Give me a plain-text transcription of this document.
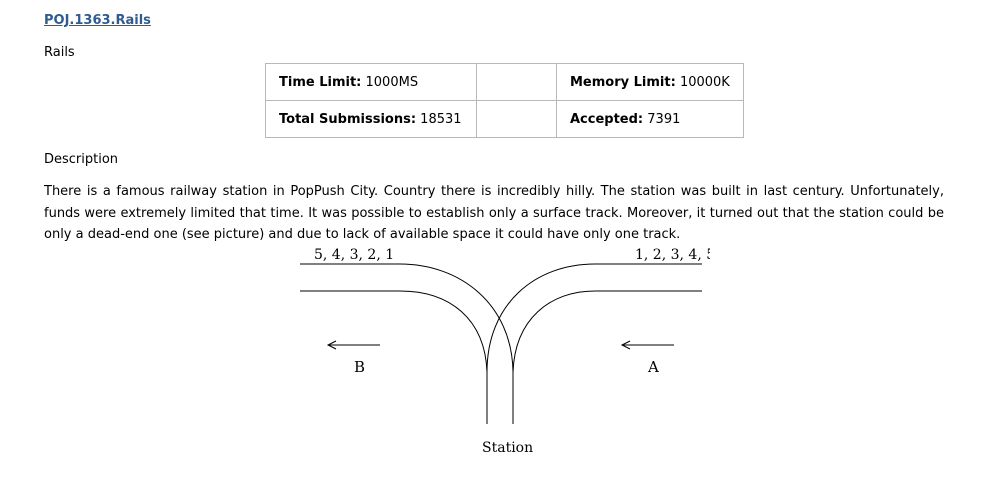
POJ.1363.Rails
Rails
Time Limit: 1000MS		Memory Limit: 10000K
Total Submissions: 18531		Accepted: 7391
Description
There is a famous railway station in PopPush City. Country there is incredibly hilly. The station was built in last century. Unfortunately, funds were extremely limited that time. It was possible to establish only a surface track. Moreover, it turned out that the station could be only a dead-end one (see picture) and due to lack of available space it could have only one track.
5, 4, 3, 2, 1	1, 2, 3, 4, 5
B	A
Station
